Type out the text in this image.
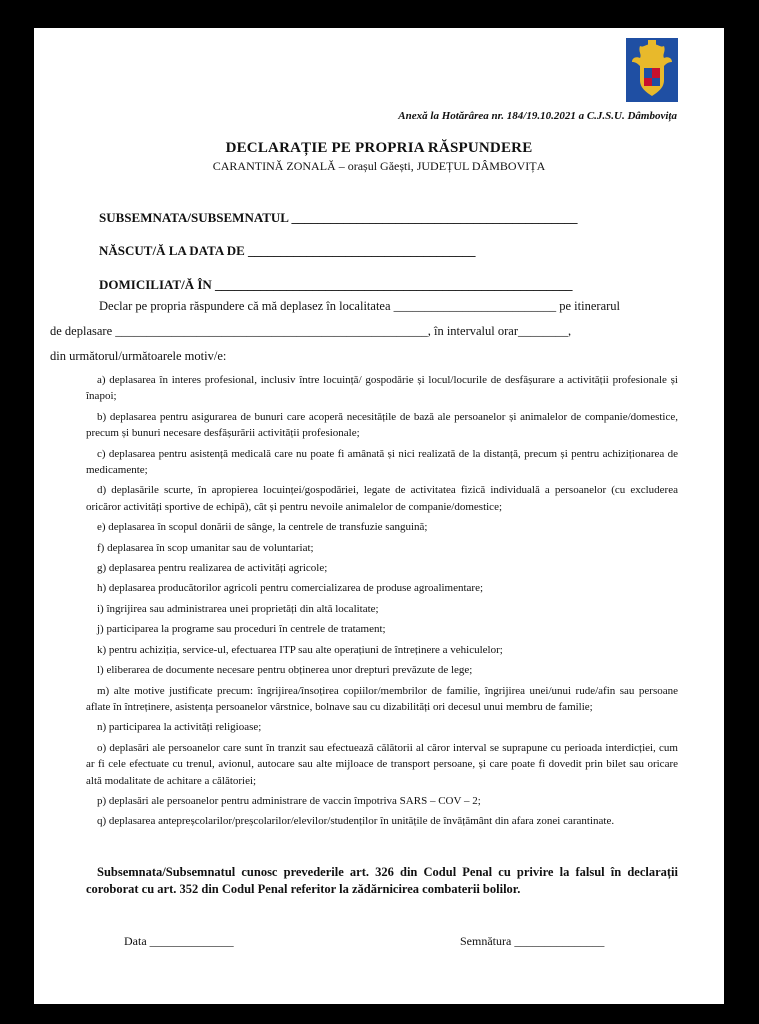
Anexă la Hotărârea nr. 184/19.10.2021 a C.J.S.U. Dâmbovița
DECLARAȚIE PE PROPRIA RĂSPUNDERE
CARANTINĂ ZONALĂ – orașul Găești, JUDEȚUL DÂMBOVIȚA
SUBSEMNATA/SUBSEMNATUL ____________________________________________
NĂSCUT/Ă LA DATA DE ___________________________________
DOMICILIAT/Ă ÎN _______________________________________________________
Declar pe propria răspundere că mă deplasez în localitatea __________________________ pe itinerarul
de deplasare __________________________________________________, în intervalul orar________,
din următorul/următoarele motiv/e:
a) deplasarea în interes profesional, inclusiv între locuință/ gospodărie și locul/locurile de desfășurare a activității profesionale și înapoi;
b) deplasarea pentru asigurarea de bunuri care acoperă necesitățile de bază ale persoanelor și animalelor de companie/domestice, precum și bunuri necesare desfășurării activității profesionale;
c) deplasarea pentru asistență medicală care nu poate fi amânată și nici realizată de la distanță, precum și pentru achiziționarea de medicamente;
d) deplasările scurte, în apropierea locuinței/gospodăriei, legate de activitatea fizică individuală a persoanelor (cu excluderea oricăror activități sportive de echipă), cât și pentru nevoile animalelor de companie/domestice;
e) deplasarea în scopul donării de sânge, la centrele de transfuzie sanguină;
f) deplasarea în scop umanitar sau de voluntariat;
g) deplasarea pentru realizarea de activități agricole;
h) deplasarea producătorilor agricoli pentru comercializarea de produse agroalimentare;
i) îngrijirea sau administrarea unei proprietăți din altă localitate;
j) participarea la programe sau proceduri în centrele de tratament;
k) pentru achiziția, service-ul, efectuarea ITP sau alte operațiuni de întreținere a vehiculelor;
l) eliberarea de documente necesare pentru obținerea unor drepturi prevăzute de lege;
m) alte motive justificate precum: îngrijirea/însoțirea copiilor/membrilor de familie, îngrijirea unei/unui rude/afin sau persoane aflate în întreținere, asistența persoanelor vârstnice, bolnave sau cu dizabilități ori decesul unui membru de familie;
n) participarea la activități religioase;
o) deplasări ale persoanelor care sunt în tranzit sau efectuează călătorii al căror interval se suprapune cu perioada interdicției, cum ar fi cele efectuate cu trenul, avionul, autocare sau alte mijloace de transport persoane, și care poate fi dovedit prin bilet sau oricare altă modalitate de achitare a călătoriei;
p) deplasări ale persoanelor pentru administrare de vaccin împotriva SARS – COV – 2;
q) deplasarea antepreșcolarilor/preșcolarilor/elevilor/studenților în unitățile de învățământ din afara zonei carantinate.
Subsemnata/Subsemnatul cunosc prevederile art. 326 din Codul Penal cu privire la falsul în declarații coroborat cu art. 352 din Codul Penal referitor la zădărnicirea combaterii bolilor.
Data ______________	Semnătura _______________
